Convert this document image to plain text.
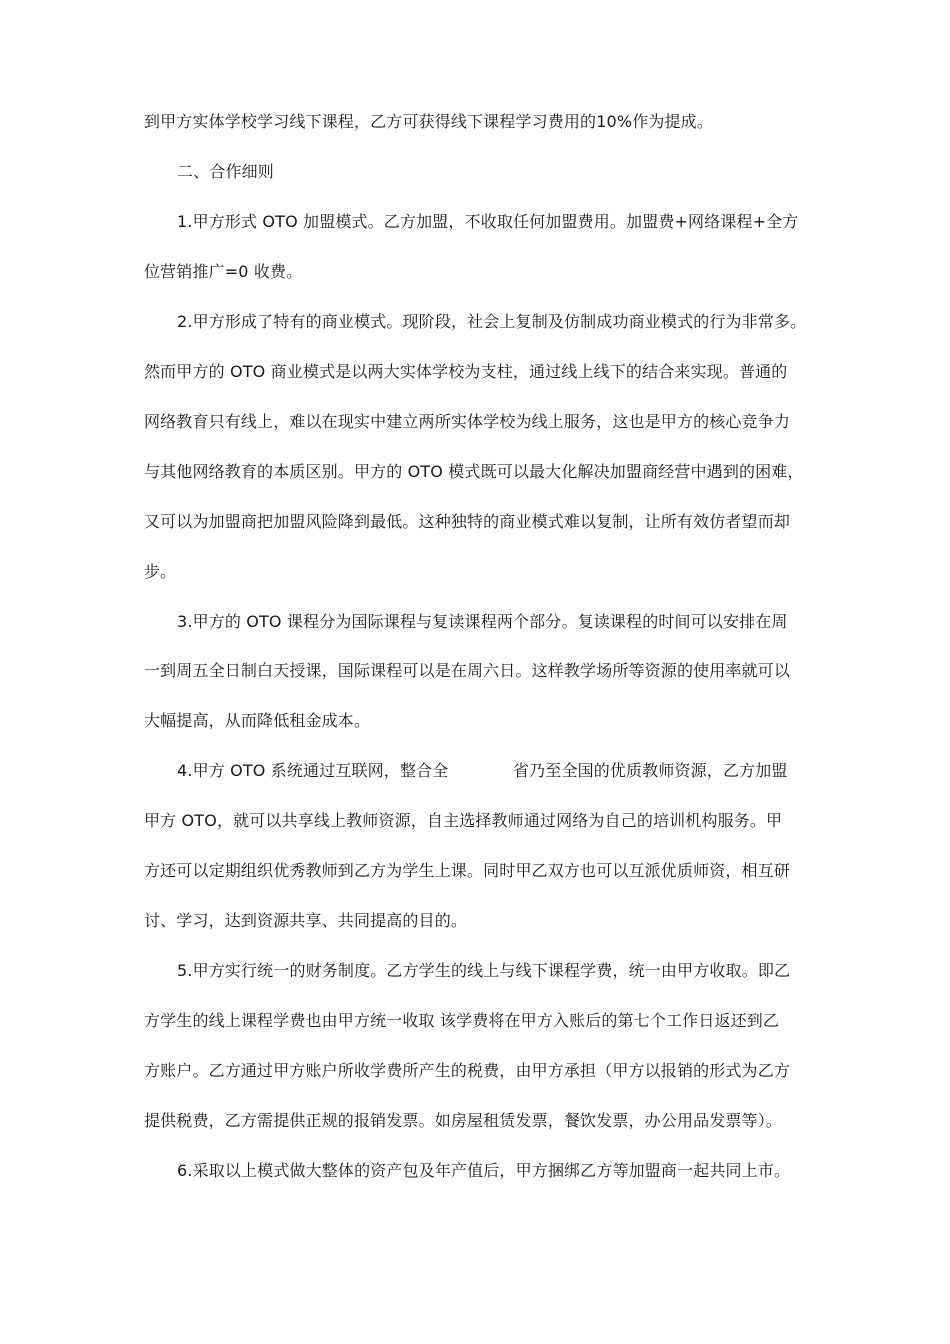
到甲方实体学校学习线下课程，乙方可获得线下课程学习费用的10%作为提成。
二、合作细则
1.甲方形式 OTO 加盟模式。乙方加盟，不收取任何加盟费用。加盟费+网络课程+全方
位营销推广=0 收费。
2.甲方形成了特有的商业模式。现阶段，社会上复制及仿制成功商业模式的行为非常多。
然而甲方的 OTO 商业模式是以两大实体学校为支柱，通过线上线下的结合来实现。普通的
网络教育只有线上，难以在现实中建立两所实体学校为线上服务，这也是甲方的核心竞争力
与其他网络教育的本质区别。甲方的 OTO 模式既可以最大化解决加盟商经营中遇到的困难，
又可以为加盟商把加盟风险降到最低。这种独特的商业模式难以复制，让所有效仿者望而却
步。
3.甲方的 OTO 课程分为国际课程与复读课程两个部分。复读课程的时间可以安排在周
一到周五全日制白天授课，国际课程可以是在周六日。这样教学场所等资源的使用率就可以
大幅提高，从而降低租金成本。
4.甲方 OTO 系统通过互联网，整合全　　　　省乃至全国的优质教师资源，乙方加盟
甲方 OTO，就可以共享线上教师资源，自主选择教师通过网络为自己的培训机构服务。甲
方还可以定期组织优秀教师到乙方为学生上课。同时甲乙双方也可以互派优质师资，相互研
讨、学习，达到资源共享、共同提高的目的。
5.甲方实行统一的财务制度。乙方学生的线上与线下课程学费，统一由甲方收取。即乙
方学生的线上课程学费也由甲方统一收取 该学费将在甲方入账后的第七个工作日返还到乙
方账户。乙方通过甲方账户所收学费所产生的税费，由甲方承担（甲方以报销的形式为乙方
提供税费，乙方需提供正规的报销发票。如房屋租赁发票，餐饮发票，办公用品发票等）。
6.采取以上模式做大整体的资产包及年产值后，甲方捆绑乙方等加盟商一起共同上市。
